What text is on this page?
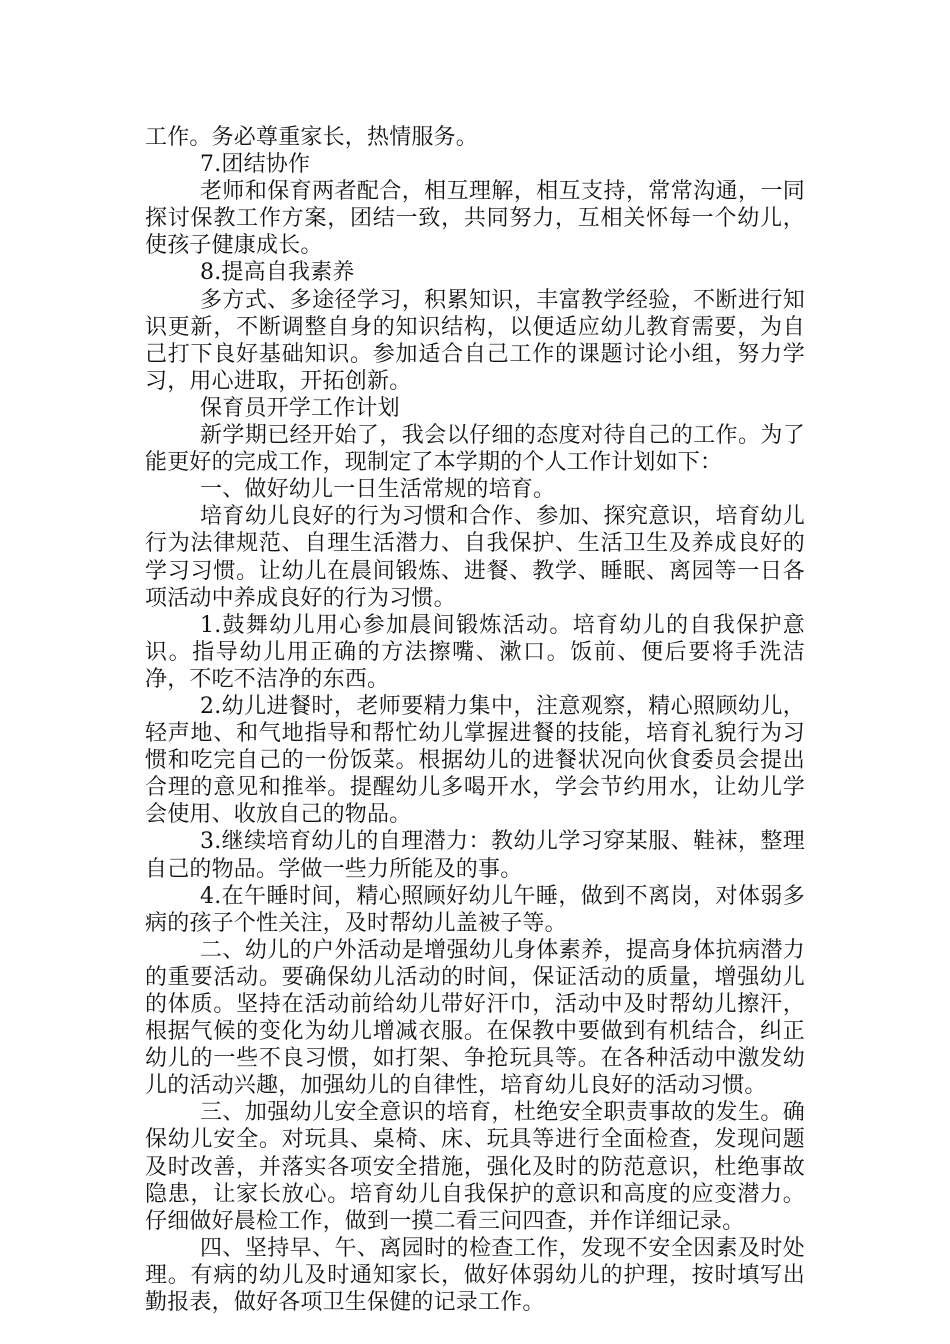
工作。务必尊重家长，热情服务。

7.团结协作

老师和保育两者配合，相互理解，相互支持，常常沟通，一同探讨保教工作方案，团结一致，共同努力，互相关怀每一个幼儿，使孩子健康成长。

8.提高自我素养

多方式、多途径学习，积累知识，丰富教学经验，不断进行知识更新，不断调整自身的知识结构，以便适应幼儿教育需要，为自己打下良好基础知识。参加适合自己工作的课题讨论小组，努力学习，用心进取，开拓创新。

保育员开学工作计划

新学期已经开始了，我会以仔细的态度对待自己的工作。为了能更好的完成工作，现制定了本学期的个人工作计划如下：

一、做好幼儿一日生活常规的培育。

培育幼儿良好的行为习惯和合作、参加、探究意识，培育幼儿行为法律规范、自理生活潜力、自我保护、生活卫生及养成良好的学习习惯。让幼儿在晨间锻炼、进餐、教学、睡眠、离园等一日各项活动中养成良好的行为习惯。

1.鼓舞幼儿用心参加晨间锻炼活动。培育幼儿的自我保护意识。指导幼儿用正确的方法擦嘴、漱口。饭前、便后要将手洗洁净，不吃不洁净的东西。

2.幼儿进餐时，老师要精力集中，注意观察，精心照顾幼儿，轻声地、和气地指导和帮忙幼儿掌握进餐的技能，培育礼貌行为习惯和吃完自己的一份饭菜。根据幼儿的进餐状况向伙食委员会提出合理的意见和推举。提醒幼儿多喝开水，学会节约用水，让幼儿学会使用、收放自己的物品。

3.继续培育幼儿的自理潜力：教幼儿学习穿某服、鞋袜，整理自己的物品。学做一些力所能及的事。

4.在午睡时间，精心照顾好幼儿午睡，做到不离岗，对体弱多病的孩子个性关注，及时帮幼儿盖被子等。

二、幼儿的户外活动是增强幼儿身体素养，提高身体抗病潜力的重要活动。要确保幼儿活动的时间，保证活动的质量，增强幼儿的体质。坚持在活动前给幼儿带好汗巾，活动中及时帮幼儿擦汗，根据气候的变化为幼儿增减衣服。在保教中要做到有机结合，纠正幼儿的一些不良习惯，如打架、争抢玩具等。在各种活动中激发幼儿的活动兴趣，加强幼儿的自律性，培育幼儿良好的活动习惯。

三、加强幼儿安全意识的培育，杜绝安全职责事故的发生。确保幼儿安全。对玩具、桌椅、床、玩具等进行全面检查，发现问题及时改善，并落实各项安全措施，强化及时的防范意识，杜绝事故隐患，让家长放心。培育幼儿自我保护的意识和高度的应变潜力。仔细做好晨检工作，做到一摸二看三问四查，并作详细记录。

四、坚持早、午、离园时的检查工作，发现不安全因素及时处理。有病的幼儿及时通知家长，做好体弱幼儿的护理，按时填写出勤报表，做好各项卫生保健的记录工作。
